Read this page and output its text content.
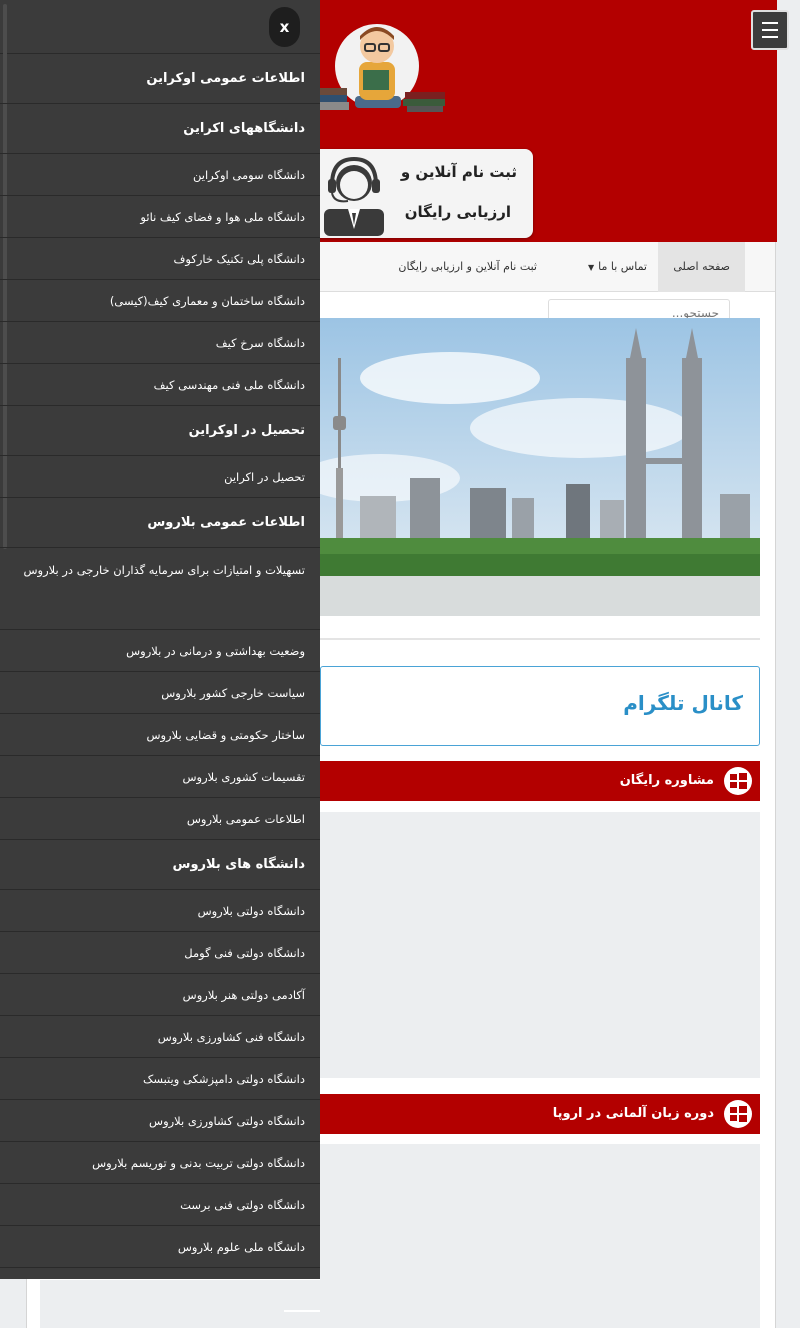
ثبت نام آنلاین و
ارزیابی رایگان
صفحه اصلی
تماس با ما▼
ثبت نام آنلاین و ارزیابی رایگان
جستجو...
کانال تلگرام
مشاوره رایگان
دوره زبان آلمانی در اروپا
x
اطلاعات عمومی اوکراین
دانشگاههای اکراین
دانشگاه سومی اوکراین
دانشگاه ملی هوا و فضای کیف نائو
دانشگاه پلی تکنیک خارکوف
دانشگاه ساختمان و معماری کیف(کیسی)
دانشگاه سرخ کیف
دانشگاه ملی فنی مهندسی کیف
تحصیل در اوکراین
تحصیل در اکراین
اطلاعات عمومی بلاروس
تسهیلات و امتیازات برای سرمایه گذاران خارجی در بلاروس
وضعیت بهداشتی و درمانی در بلاروس
سیاست خارجی کشور بلاروس
ساختار حکومتی و قضایی بلاروس
تقسیمات کشوری بلاروس
اطلاعات عمومی بلاروس
دانشگاه های بلاروس
دانشگاه دولتی بلاروس
دانشگاه دولتی فنی گومل
آکادمی دولتی هنر بلاروس
دانشگاه فنی کشاورزی بلاروس
دانشگاه دولتی دامپزشکی ویتبسک
دانشگاه دولتی کشاورزی بلاروس
دانشگاه دولتی تربیت بدنی و توریسم بلاروس
دانشگاه دولتی فنی برست
دانشگاه ملی علوم بلاروس
